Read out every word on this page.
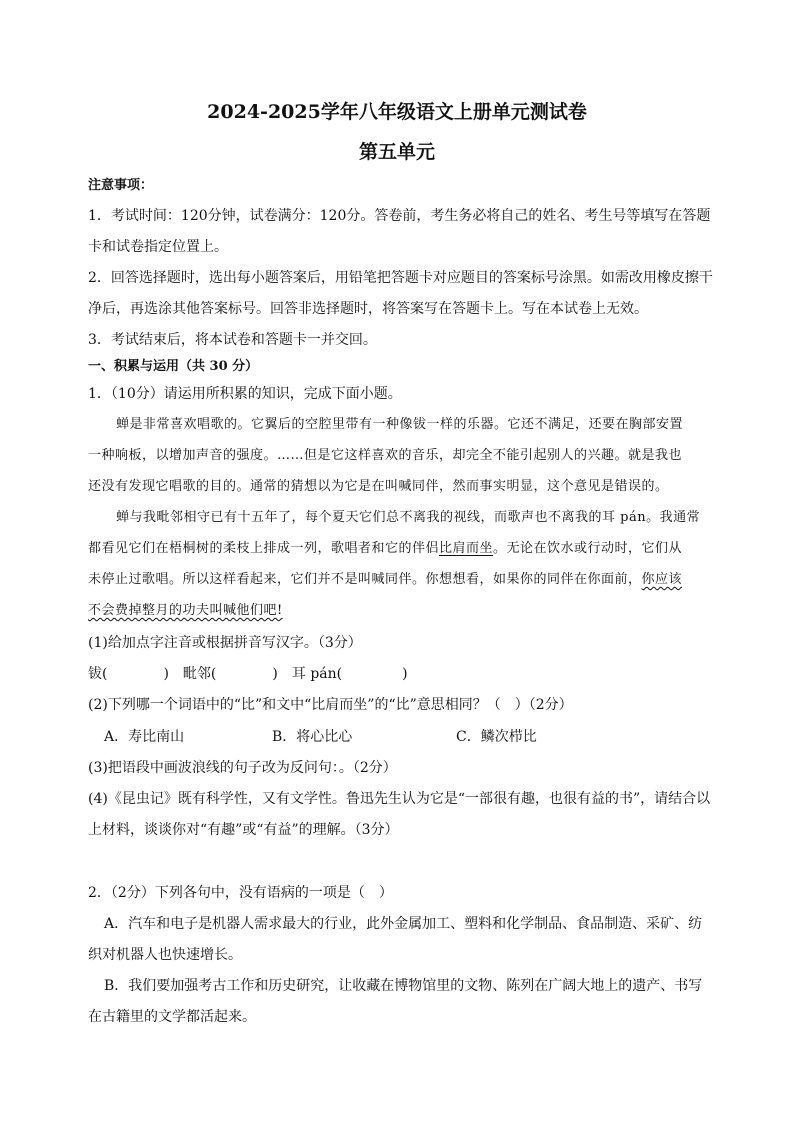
2024-2025学年八年级语文上册单元测试卷
第五单元
注意事项：
1．考试时间：120分钟，试卷满分：120分。答卷前，考生务必将自己的姓名、考生号等填写在答题
卡和试卷指定位置上。
2．回答选择题时，选出每小题答案后，用铅笔把答题卡对应题目的答案标号涂黑。如需改用橡皮擦干
净后，再选涂其他答案标号。回答非选择题时，将答案写在答题卡上。写在本试卷上无效。
3．考试结束后，将本试卷和答题卡一并交回。
一、积累与运用（共 30 分）
1．（10分）请运用所积累的知识，完成下面小题。
蝉是非常喜欢唱歌的。它翼后的空腔里带有一种像钹一样的乐器。它还不满足，还要在胸部安置
一种响板，以增加声音的强度。……但是它这样喜欢的音乐，却完全不能引起别人的兴趣。就是我也
还没有发现它唱歌的目的。通常的猜想以为它是在叫喊同伴，然而事实明显，这个意见是错误的。
蝉与我毗邻相守已有十五年了，每个夏天它们总不离我的视线，而歌声也不离我的耳 pán。我通常
都看见它们在梧桐树的柔枝上排成一列，歌唱者和它的伴侣比肩而坐。无论在饮水或行动时，它们从
未停止过歌唱。所以这样看起来，它们并不是叫喊同伴。你想想看，如果你的同伴在你面前，你应该
不会费掉整月的功夫叫喊他们吧!
(1)给加点字注音或根据拼音写汉字。（3分）
钹(	)　毗邻(	)　耳 pán(	)
(2)下列哪一个词语中的“比”和文中“比肩而坐”的“比”意思相同？（　）（2分）
A．寿比南山	B．将心比心	C．鳞次栉比
(3)把语段中画波浪线的句子改为反问句：。（2分）
(4)《昆虫记》既有科学性，又有文学性。鲁迅先生认为它是“一部很有趣，也很有益的书”，请结合以
上材料，谈谈你对“有趣”或“有益”的理解。（3分）
2．（2分）下列各句中，没有语病的一项是（　）
A．汽车和电子是机器人需求最大的行业，此外金属加工、塑料和化学制品、食品制造、采矿、纺
织对机器人也快速增长。
B．我们要加强考古工作和历史研究，让收藏在博物馆里的文物、陈列在广阔大地上的遗产、书写
在古籍里的文学都活起来。
